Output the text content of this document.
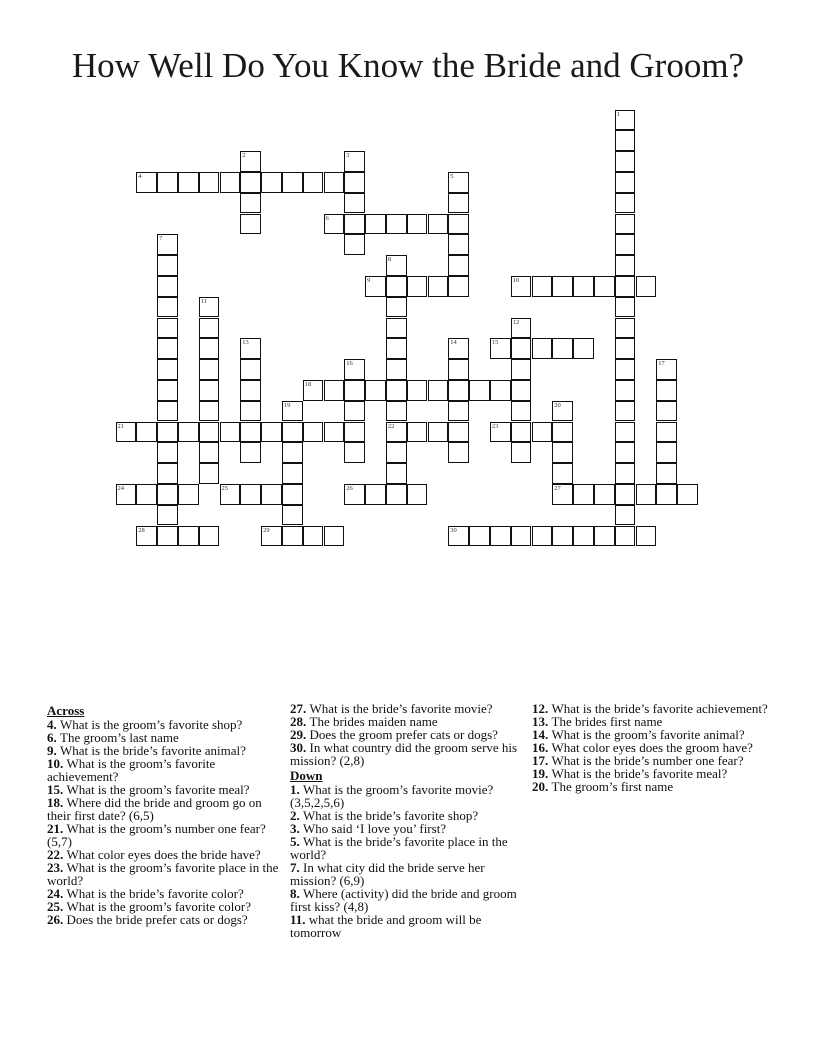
How Well Do You Know the Bride and Groom?
4
6
9	10
15
18
21	22	23
24	25	26	27
28	29	30
1
2	3
5
7
8
11
12
13	14
16	17
19	20
Across
4. What is the groom’s favorite shop?
6. The groom’s last name
9. What is the bride’s favorite animal?
10. What is the groom’s favorite achievement?
15. What is the groom’s favorite meal?
18. Where did the bride and groom go on their first date? (6,5)
21. What is the groom’s number one fear? (5,7)
22. What color eyes does the bride have?
23. What is the groom’s favorite place in the world?
24. What is the bride’s favorite color?
25. What is the groom’s favorite color?
26. Does the bride prefer cats or dogs?
27. What is the bride’s favorite movie?
28. The brides maiden name
29. Does the groom prefer cats or dogs?
30. In what country did the groom serve his mission? (2,8)
Down
1. What is the groom’s favorite movie? (3,5,2,5,6)
2. What is the bride’s favorite shop?
3. Who said ‘I love you’ first?
5. What is the bride’s favorite place in the world?
7. In what city did the bride serve her mission? (6,9)
8. Where (activity) did the bride and groom first kiss? (4,8)
11. what the bride and groom will be tomorrow
12. What is the bride’s favorite achievement?
13. The brides first name
14. What is the groom’s favorite animal?
16. What color eyes does the groom have?
17. What is the bride’s number one fear?
19. What is the bride’s favorite meal?
20. The groom’s first name
